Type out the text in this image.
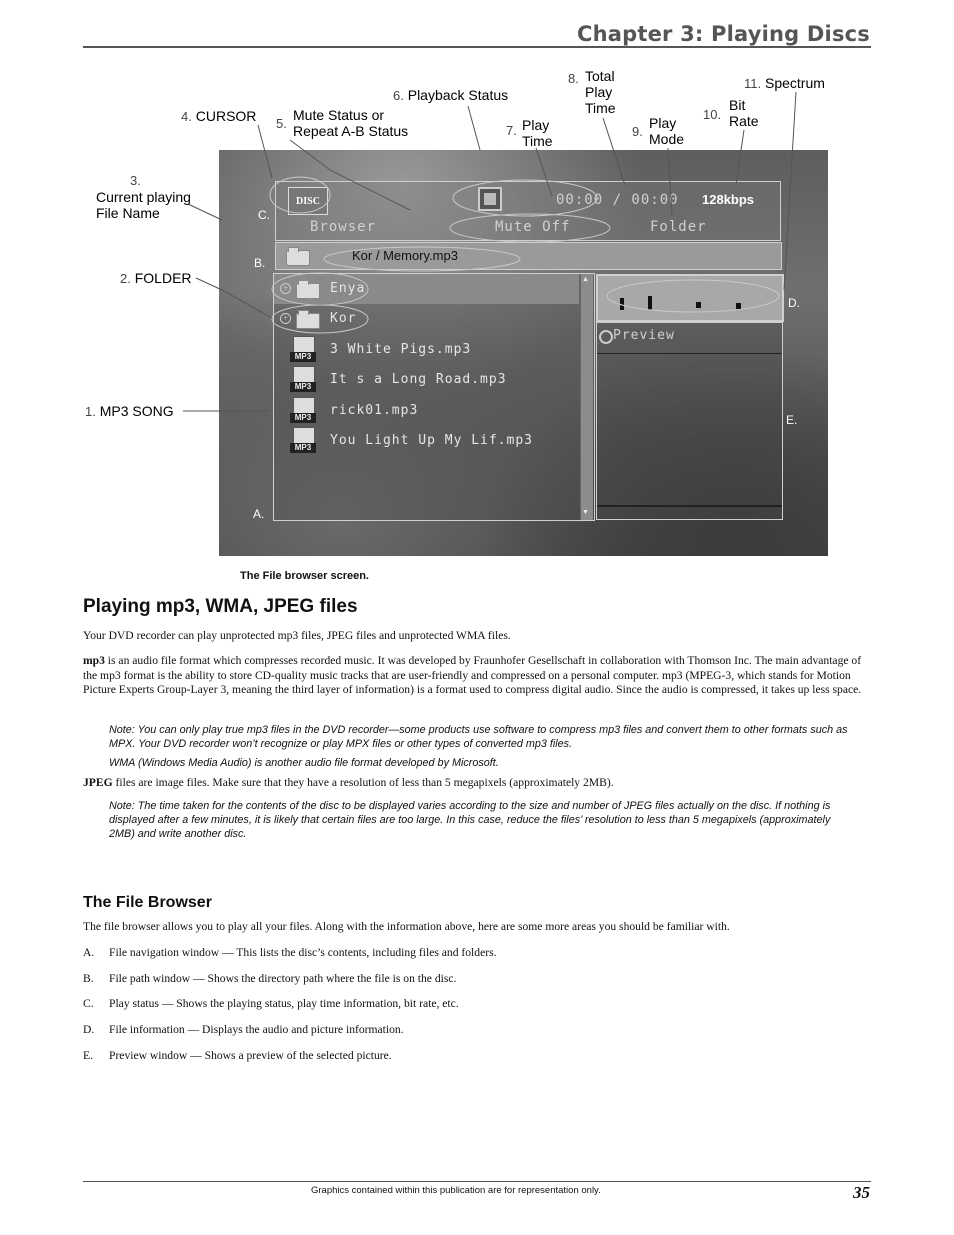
Chapter 3: Playing Discs
DISC	00:00 / 00:00 128kbps
Browser	Mute Off	Folder
Kor / Memory.mp3
+	Enya
+	Kor
MP3	3 White Pigs.mp3
MP3	It s a Long Road.mp3
MP3	rick01.mp3
MP3	You Light Up My Lif.mp3
▲
▼
Preview
C.
B.
D.
E.
A.
1. MP3 SONG
2. FOLDER
3.
Current playing
File Name
4. CURSOR 5.
Mute Status or
Repeat A-B Status
6. Playback Status
7. Play
Time
8. Total
Play
Time
9.
Play
Mode
10.
Bit
Rate
11. Spectrum
The File browser screen.
Playing mp3, WMA, JPEG files

Your DVD recorder can play unprotected mp3 files, JPEG files and unprotected WMA files.

mp3 is an audio file format which compresses recorded music. It was developed by Fraunhofer Gesellschaft in collaboration with Thomson Inc. The main advantage of the mp3 format is the ability to store CD-quality music tracks that are user-friendly and compressed on a personal computer. mp3 (MPEG-3, which stands for Motion Picture Experts Group-Layer 3, meaning the third layer of information) is a format used to compress digital audio. Since the audio is compressed, it takes up less space.

Note: You can only play true mp3 files in the DVD recorder—some products use software to compress mp3 files and convert them to other formats such as MPX. Your DVD recorder won’t recognize or play MPX files or other types of converted mp3 files.

WMA (Windows Media Audio) is another audio file format developed by Microsoft.

JPEG files are image files. Make sure that they have a resolution of less than 5 megapixels (approximately 2MB).

Note: The time taken for the contents of the disc to be displayed varies according to the size and number of JPEG files actually on the disc. If nothing is displayed after a few minutes, it is likely that certain files are too large. In this case, reduce the files’ resolution to less than 5 megapixels (approximately 2MB) and write another disc.

The File Browser

The file browser allows you to play all your files. Along with the information above, here are some more areas you should be familiar with.

A. File navigation window — This lists the disc’s contents, including files and folders.
B. File path window — Shows the directory path where the file is on the disc.
C. Play status — Shows the playing status, play time information, bit rate, etc.
D. File information — Displays the audio and picture information.
E. Preview window — Shows a preview of the selected picture.
Graphics contained within this publication are for representation only.	35
